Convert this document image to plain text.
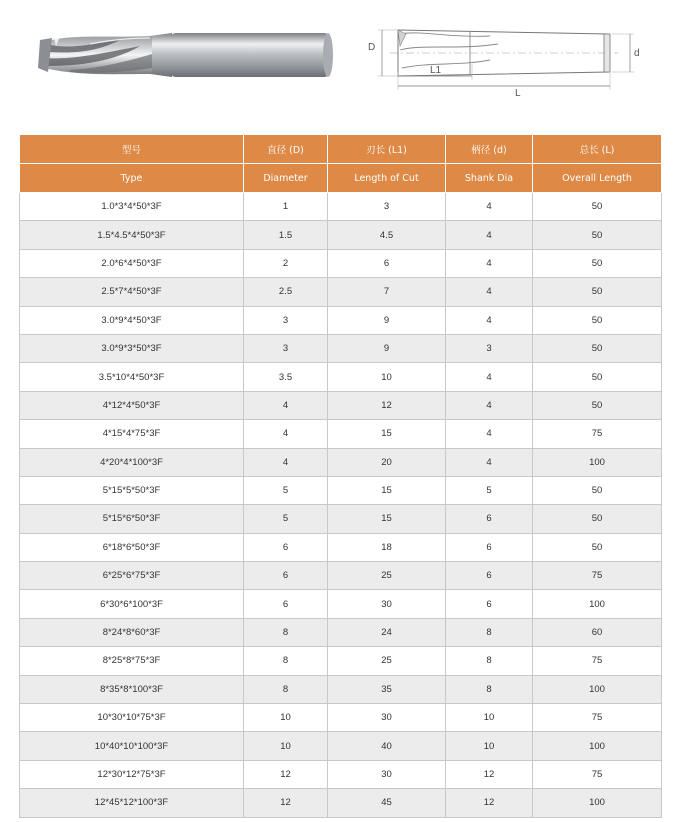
D
d
L1
L
型号	直径 (D)	刃长 (L1)	柄径 (d)	总长 (L)
Type	Diameter	Length of Cut	Shank Dia	Overall Length
1.0*3*4*50*3F	1	3	4	50
1.5*4.5*4*50*3F	1.5	4.5	4	50
2.0*6*4*50*3F	2	6	4	50
2.5*7*4*50*3F	2.5	7	4	50
3.0*9*4*50*3F	3	9	4	50
3.0*9*3*50*3F	3	9	3	50
3.5*10*4*50*3F	3.5	10	4	50
4*12*4*50*3F	4	12	4	50
4*15*4*75*3F	4	15	4	75
4*20*4*100*3F	4	20	4	100
5*15*5*50*3F	5	15	5	50
5*15*6*50*3F	5	15	6	50
6*18*6*50*3F	6	18	6	50
6*25*6*75*3F	6	25	6	75
6*30*6*100*3F	6	30	6	100
8*24*8*60*3F	8	24	8	60
8*25*8*75*3F	8	25	8	75
8*35*8*100*3F	8	35	8	100
10*30*10*75*3F	10	30	10	75
10*40*10*100*3F	10	40	10	100
12*30*12*75*3F	12	30	12	75
12*45*12*100*3F	12	45	12	100
